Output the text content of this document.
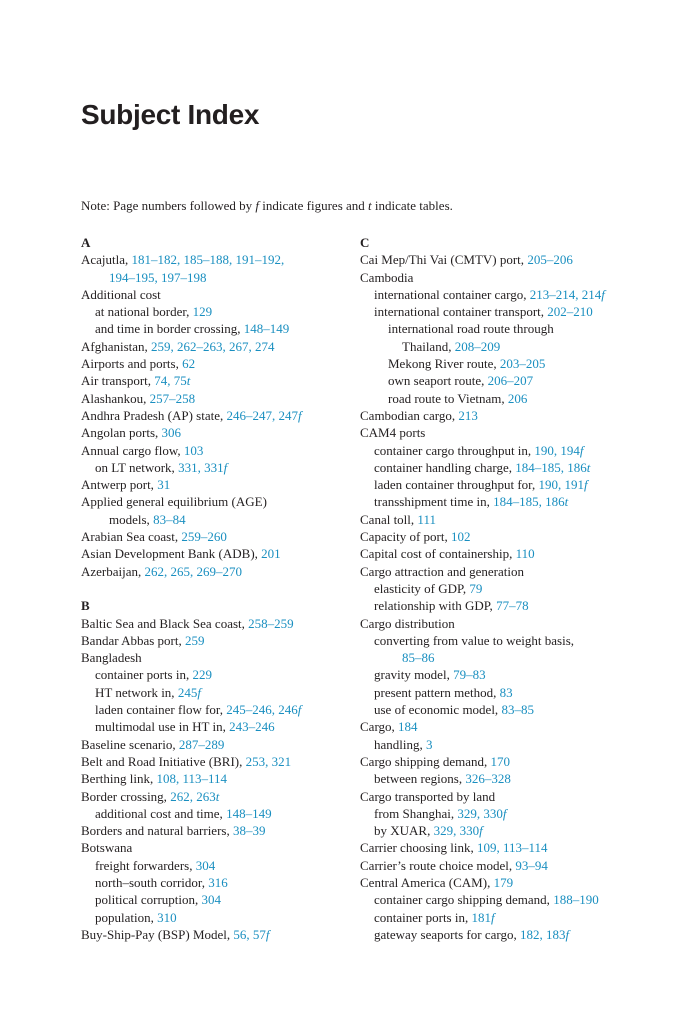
Subject Index
Note: Page numbers followed by f indicate figures and t indicate tables.
A
Acajutla, 181–182, 185–188, 191–192,
194–195, 197–198
Additional cost
at national border, 129
and time in border crossing, 148–149
Afghanistan, 259, 262–263, 267, 274
Airports and ports, 62
Air transport, 74, 75t
Alashankou, 257–258
Andhra Pradesh (AP) state, 246–247, 247f
Angolan ports, 306
Annual cargo flow, 103
on LT network, 331, 331f
Antwerp port, 31
Applied general equilibrium (AGE)
models, 83–84
Arabian Sea coast, 259–260
Asian Development Bank (ADB), 201
Azerbaijan, 262, 265, 269–270
B
Baltic Sea and Black Sea coast, 258–259
Bandar Abbas port, 259
Bangladesh
container ports in, 229
HT network in, 245f
laden container flow for, 245–246, 246f
multimodal use in HT in, 243–246
Baseline scenario, 287–289
Belt and Road Initiative (BRI), 253, 321
Berthing link, 108, 113–114
Border crossing, 262, 263t
additional cost and time, 148–149
Borders and natural barriers, 38–39
Botswana
freight forwarders, 304
north–south corridor, 316
political corruption, 304
population, 310
Buy-Ship-Pay (BSP) Model, 56, 57f
C
Cai Mep/Thi Vai (CMTV) port, 205–206
Cambodia
international container cargo, 213–214, 214f
international container transport, 202–210
international road route through
Thailand, 208–209
Mekong River route, 203–205
own seaport route, 206–207
road route to Vietnam, 206
Cambodian cargo, 213
CAM4 ports
container cargo throughput in, 190, 194f
container handling charge, 184–185, 186t
laden container throughput for, 190, 191f
transshipment time in, 184–185, 186t
Canal toll, 111
Capacity of port, 102
Capital cost of containership, 110
Cargo attraction and generation
elasticity of GDP, 79
relationship with GDP, 77–78
Cargo distribution
converting from value to weight basis,
85–86
gravity model, 79–83
present pattern method, 83
use of economic model, 83–85
Cargo, 184
handling, 3
Cargo shipping demand, 170
between regions, 326–328
Cargo transported by land
from Shanghai, 329, 330f
by XUAR, 329, 330f
Carrier choosing link, 109, 113–114
Carrier’s route choice model, 93–94
Central America (CAM), 179
container cargo shipping demand, 188–190
container ports in, 181f
gateway seaports for cargo, 182, 183f
